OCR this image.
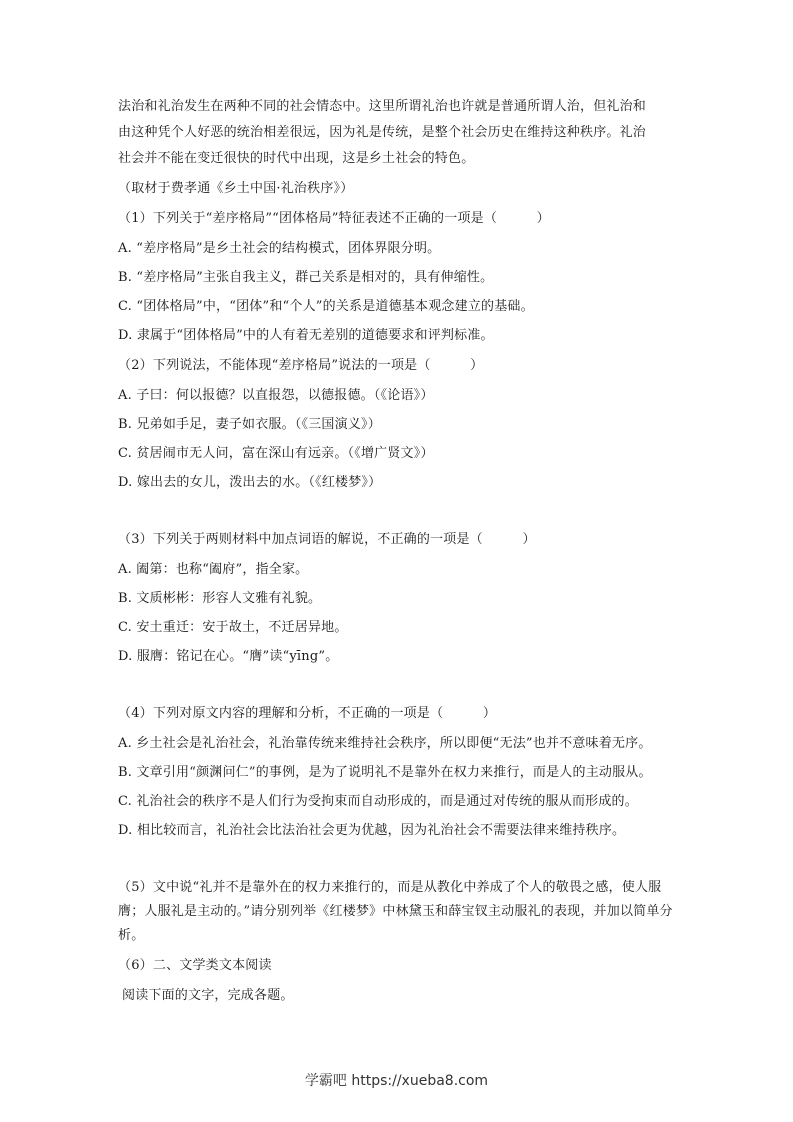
法治和礼治发生在两种不同的社会情态中。这里所谓礼治也许就是普通所谓人治，但礼治和

由这种凭个人好恶的统治相差很远，因为礼是传统，是整个社会历史在维持这种秩序。礼治

社会并不能在变迁很快的时代中出现，这是乡土社会的特色。

（取材于费孝通《乡土中国·礼治秩序》）

（1）下列关于“差序格局”“团体格局”特征表述不正确的一项是（　　　）

A. “差序格局”是乡土社会的结构模式，团体界限分明。

B. “差序格局”主张自我主义，群己关系是相对的，具有伸缩性。

C. “团体格局”中，“团体”和“个人”的关系是道德基本观念建立的基础。

D. 隶属于“团体格局”中的人有着无差别的道德要求和评判标准。

（2）下列说法，不能体现“差序格局”说法的一项是（　　　）

A. 子曰：何以报德？以直报怨，以德报德。（《论语》）

B. 兄弟如手足，妻子如衣服。（《三国演义》）

C. 贫居闹市无人问，富在深山有远亲。（《增广贤文》）

D. 嫁出去的女儿，泼出去的水。（《红楼梦》）

（3）下列关于两则材料中加点词语的解说，不正确的一项是（　　　）

A. 阖第：也称“阖府”，指全家。

B. 文质彬彬：形容人文雅有礼貌。

C. 安土重迁：安于故土，不迁居异地。

D. 服膺：铭记在心。“膺”读“yīng”。

（4）下列对原文内容的理解和分析，不正确的一项是（　　　）

A. 乡土社会是礼治社会，礼治靠传统来维持社会秩序，所以即便“无法”也并不意味着无序。

B. 文章引用“颜渊问仁”的事例，是为了说明礼不是靠外在权力来推行，而是人的主动服从。

C. 礼治社会的秩序不是人们行为受拘束而自动形成的，而是通过对传统的服从而形成的。

D. 相比较而言，礼治社会比法治社会更为优越，因为礼治社会不需要法律来维持秩序。

（5）文中说“礼并不是靠外在的权力来推行的，而是从教化中养成了个人的敬畏之感，使人服膺；人服礼是主动的。”请分别列举《红楼梦》中林黛玉和薛宝钗主动服礼的表现，并加以简单分析。

（6）二、文学类文本阅读

阅读下面的文字，完成各题。

学霸吧 https://xueba8.com
